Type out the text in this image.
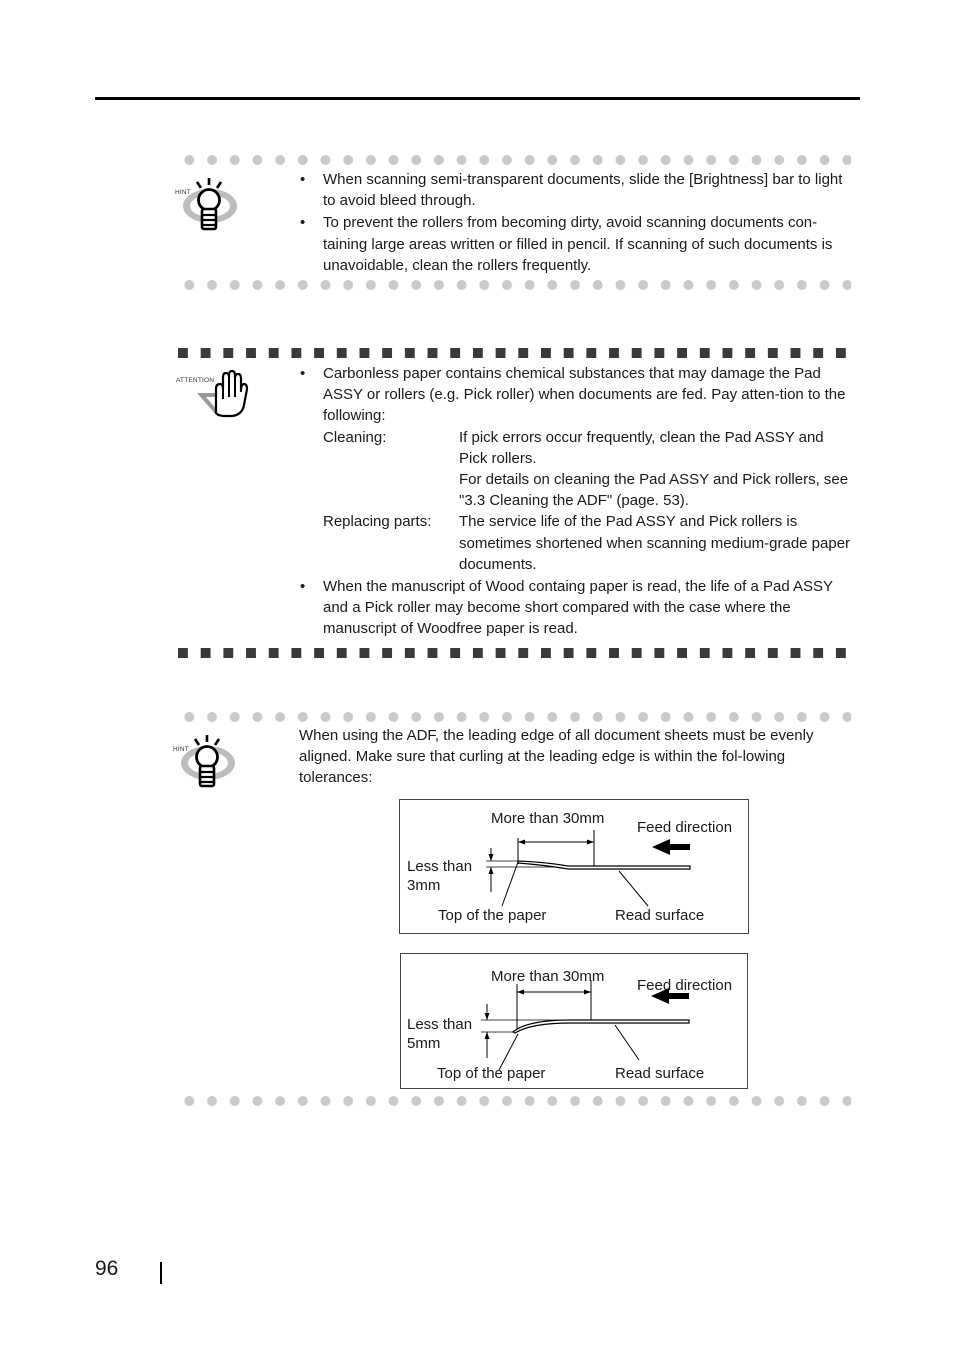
HINT
• When scanning semi-transparent documents, slide the [Brightness] bar to light to avoid bleed through.
• To prevent the rollers from becoming dirty, avoid scanning documents con-taining large areas written or filled in pencil. If scanning of such documents is unavoidable, clean the rollers frequently.
ATTENTION
•	Carbonless paper contains chemical substances that may damage the Pad ASSY or rollers (e.g. Pick roller) when documents are fed. Pay atten-tion to the following:
Cleaning:	If pick errors occur frequently, clean the Pad ASSY and Pick rollers.
For details on cleaning the Pad ASSY and Pick rollers, see "3.3 Cleaning the ADF" (page. 53).
Replacing parts:	The service life of the Pad ASSY and Pick rollers is sometimes shortened when scanning medium-grade paper documents.
• When the manuscript of Wood containg paper is read, the life of a Pad ASSY and a Pick roller may become short compared with the case where the manuscript of Woodfree paper is read.
HINT
When using the ADF, the leading edge of all document sheets must be evenly aligned. Make sure that curling at the leading edge is within the fol-lowing tolerances:
More than 30mm
Feed direction
Less than
3mm
Top of the paper	Read surface
More than 30mm
Feed direction
Less than
5mm
Top of the paper	Read surface
96
